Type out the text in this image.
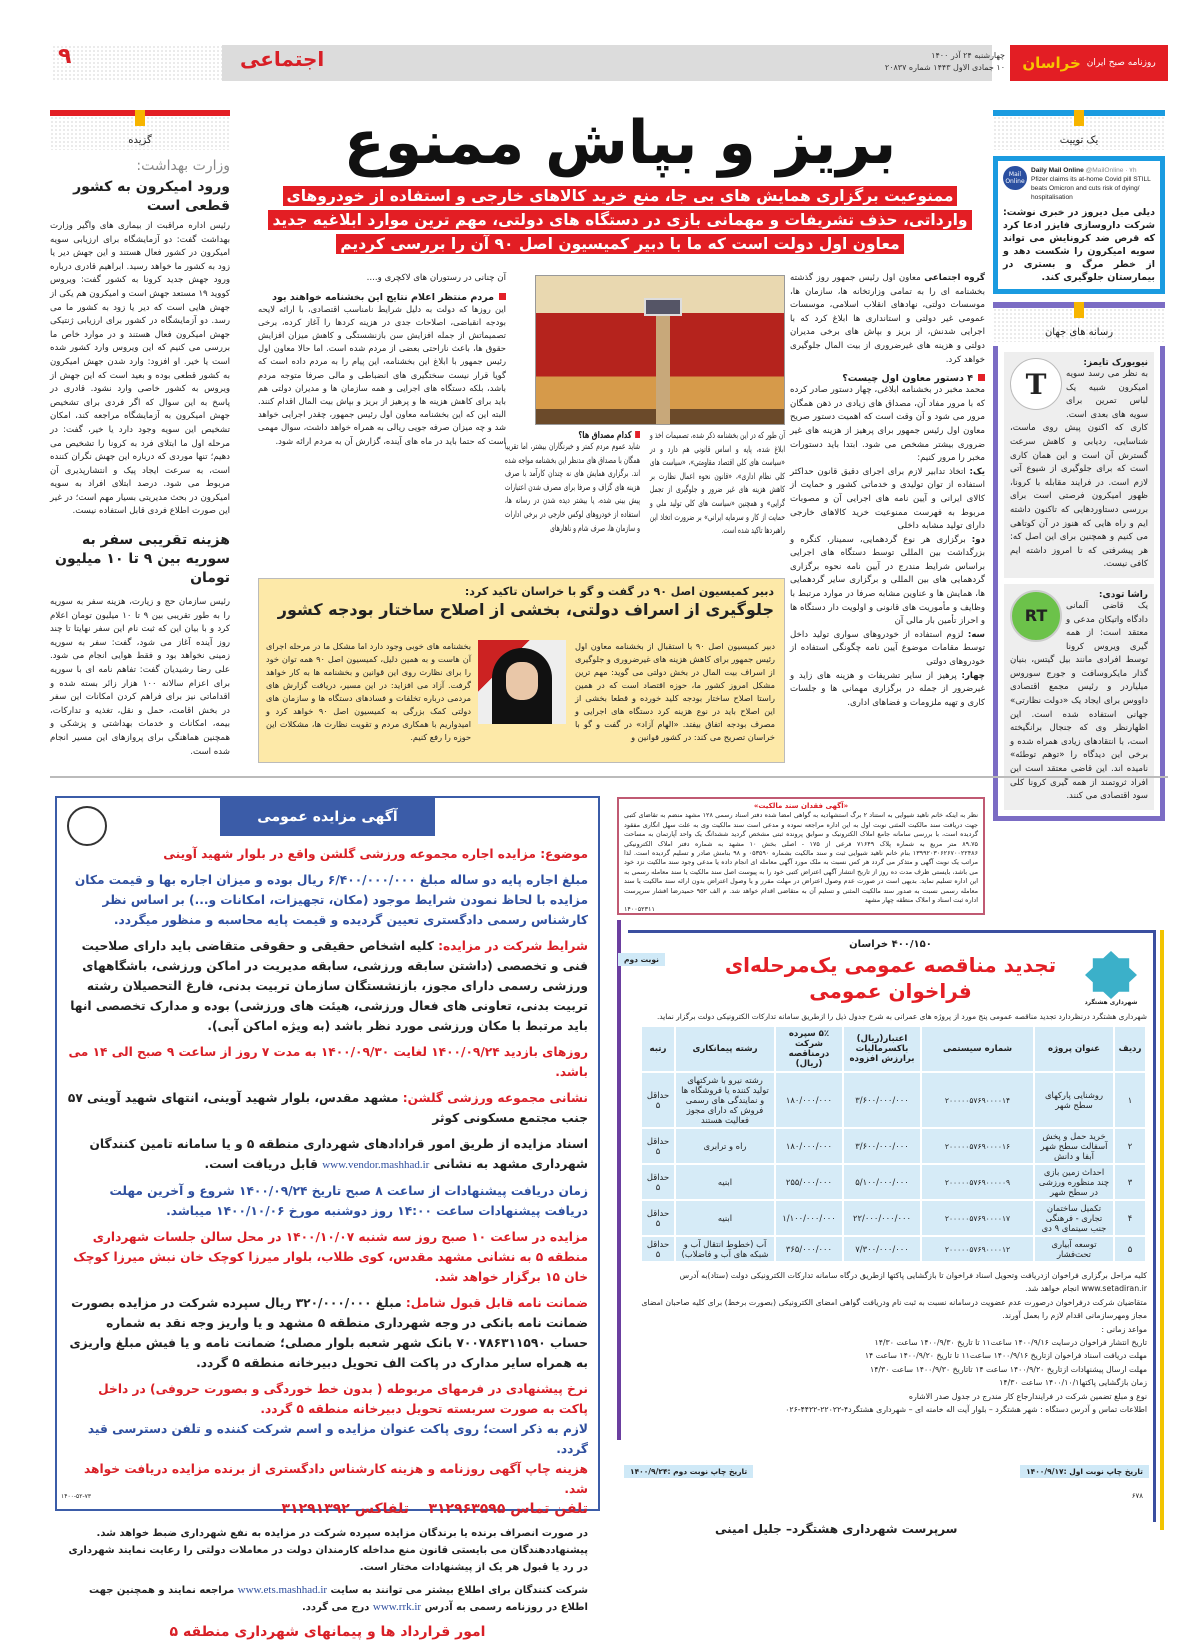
روزنامه صبح ایران
خراسان
چهارشنبه ۲۴ آذر ۱۴۰۰
۱۰ جمادی الاول ۱۴۴۳ شماره ۲۰۸۳۷
اجتماعی
۹
گزیده
وزارت بهداشت:
ورود امیکرون به کشور قطعی است
رئیس اداره مراقبت از بیماری های واگیر وزارت بهداشت گفت: دو آزمایشگاه برای ارزیابی سویه امیکرون در کشور فعال هستند و این جهش دیر یا زود به کشور ما خواهد رسید. ابراهیم قادری درباره ورود جهش جدید کرونا به کشور گفت: ویروس کووید ۱۹ مستعد جهش است و امیکرون هم یکی از جهش هایی است که دیر یا زود به کشور ما می رسد. دو آزمایشگاه در کشور برای ارزیابی ژنتیکی جهش امیکرون فعال هستند و در موارد خاص ما بررسی می کنیم که این ویروس وارد کشور شده است یا خیر. او افزود: وارد شدن جهش امیکرون به کشور قطعی بوده و بعید است که این جهش از ویروس به کشور خاصی وارد نشود. قادری در پاسخ به این سوال که اگر فردی برای تشخیص جهش امیکرون به آزمایشگاه مراجعه کند، امکان تشخیص این سویه وجود دارد یا خیر، گفت: در مرحله اول ما ابتلای فرد به کرونا را تشخیص می دهیم؛ تنها موردی که درباره این جهش نگران کننده است، به سرعت ایجاد پیک و انتشارپذیری آن مربوط می شود. درصد ابتلای افراد به سویه امیکرون در بحث مدیریتی بسیار مهم است؛ در غیر این صورت اطلاع فردی قابل استفاده نیست.
هزینه تقریبی سفر به سوریه بین ۹ تا ۱۰ میلیون تومان
رئیس سازمان حج و زیارت، هزینه سفر به سوریه را به طور تقریبی بین ۹ تا ۱۰ میلیون تومان اعلام کرد و با بیان این که ثبت نام این سفر نهایتا تا چند روز آینده آغاز می شود، گفت: سفر به سوریه زمینی نخواهد بود و فقط هوایی انجام می شود. علی رضا رشیدیان گفت: تفاهم نامه ای با سوریه برای اعزام سالانه ۱۰۰ هزار زائر بسته شده و اقداماتی نیز برای فراهم کردن امکانات این سفر در بخش اقامت، حمل و نقل، تغذیه و تدارکات، بیمه، امکانات و خدمات بهداشتی و پزشکی و همچنین هماهنگی برای پروازهای این مسیر انجام شده است.
یک توییت
Mail Online
Daily Mail Online @MailOnline · ۷h
Pfizer claims its at-home Covid pill STILL beats Omicron and cuts risk of dying/ hospitalisation
دیلی میل دیروز در خبری نوشت: شرکت داروسازی فایزر ادعا کرد که قرص ضد کرونایش می تواند سویه امیکرون را شکست دهد و از خطر مرگ و بستری در بیمارستان جلوگیری کند.
رسانه های جهان
T
نیویورک تایمز:
به نظر می رسد سویه امیکرون شبیه یک لباس تمرین برای سویه های بعدی است. کاری که اکنون پیش روی ماست، شناسایی، ردیابی و کاهش سرعت گسترش آن است و این همان کاری است که برای جلوگیری از شیوع آتی لازم است. در فرایند مقابله با کرونا، ظهور امیکرون فرصتی است برای بررسی دستاوردهایی که تاکنون داشته ایم و راه هایی که هنوز در آن کوتاهی می کنیم و همچنین برای این اصل که: هر پیشرفتی که تا امروز داشته ایم کافی نیست.
RT
راشا تودی:
یک قاضی آلمانی دادگاه واتیکان مدعی و معتقد است: از همه گیری ویروس کرونا توسط افرادی مانند بیل گیتس، بنیان گذار مایکروسافت و جورج سوروس میلیاردر و رئیس مجمع اقتصادی داووس برای ایجاد یک «دولت نظارتی» جهانی استفاده شده است. این اظهارنظر وی که جنجال برانگیخته است، با انتقادهای زیادی همراه شده و برخی این دیدگاه را «توهم توطئه» نامیده اند. این قاضی معتقد است این افراد ثروتمند از همه گیری کرونا کلی سود اقتصادی می کنند.
بریز و بپاش ممنوع
ممنوعیت برگزاری همایش های بی جا، منع خرید کالاهای خارجی و استفاده از خودروهای وارداتی، حذف تشریفات و مهمانی بازی در دستگاه های دولتی، مهم ترین موارد ابلاغیه جدید معاون اول دولت است که ما با دبیر کمیسیون اصل ۹۰ آن را بررسی کردیم
گروه اجتماعی معاون اول رئیس جمهور روز گذشته بخشنامه ای را به تمامی وزارتخانه ها، سازمان ها، موسسات دولتی، نهادهای انقلاب اسلامی، موسسات عمومی غیر دولتی و استانداری ها ابلاغ کرد که با اجرایی شدنش، از بریز و بپاش های برخی مدیران دولتی و هزینه های غیرضروری از بیت المال جلوگیری خواهد کرد.
۴ دستور معاون اول چیست؟
محمد مخبر در بخشنامه ابلاغی، چهار دستور صادر کرده که با مرور مفاد آن، مصداق های زیادی در ذهن همگان مرور می شود و آن وقت است که اهمیت دستور صریح معاون اول رئیس جمهور برای پرهیز از هزینه های غیر ضروری بیشتر مشخص می شود. ابتدا باید دستورات مخبر را مرور کنیم:
یک: اتخاذ تدابیر لازم برای اجرای دقیق قانون حداکثر استفاده از توان تولیدی و خدماتی کشور و حمایت از کالای ایرانی و آیین نامه های اجرایی آن و مصوبات مربوط به فهرست ممنوعیت خرید کالاهای خارجی دارای تولید مشابه داخلی
دو: برگزاری هر نوع گردهمایی، سمینار، کنگره و بزرگداشت بین المللی توسط دستگاه های اجرایی براساس شرایط مندرج در آیین نامه نحوه برگزاری گردهمایی های بین المللی و برگزاری سایر گردهمایی ها، همایش ها و عناوین مشابه صرفا در موارد مرتبط با وظایف و مأموریت های قانونی و اولویت دار دستگاه ها و احراز تأمین بار مالی آن
سه: لزوم استفاده از خودروهای سواری تولید داخل توسط مقامات موضوع آیین نامه چگونگی استفاده از خودروهای دولتی
چهار: پرهیز از سایر تشریفات و هزینه های زاید و غیرضرور از جمله در برگزاری مهمانی ها و جلسات کاری و تهیه ملزومات و فضاهای اداری.
آن طور که در این بخشنامه ذکر شده، تصمیمات اخذ و ابلاغ شده، پایه و اساس قانونی هم دارد و در «سیاست های کلی اقتصاد مقاومتی»، «سیاست های کلی نظام اداری»، «قانون نحوه اعمال نظارت بر کاهش هزینه های غیر ضرور و جلوگیری از تجمل گرایی» و همچنین «سیاست های کلی تولید ملی و حمایت از کار و سرمایه ایرانی» بر ضرورت اتخاذ این راهبردها تاکید شده است.
کدام مصداق ها؟
شاید عموم مردم کمتر و خبرنگاران بیشتر، اما تقریبا همگان با مصداق های مدنظر این بخشنامه مواجه شده اند. برگزاری همایش های نه چندان کارآمد با صرف هزینه های گزاف و صرفا برای مصرف شدن اعتبارات پیش بینی شده، یا بیشتر دیده شدن در رسانه ها، استفاده از خودروهای لوکس خارجی در برخی ادارات و سازمان ها، صرف شام و ناهارهای
آن چنانی در رستوران های لاکچری و....
مردم منتظر اعلام نتایج این بخشنامه خواهند بود
این روزها که دولت به دلیل شرایط نامناسب اقتصادی، با ارائه لایحه بودجه انقباضی، اصلاحات جدی در هزینه کردها را آغاز کرده، برخی تصمیماتش از جمله افزایش سن بازنشستگی و کاهش میزان افزایش حقوق ها، باعث ناراحتی بعضی از مردم شده است. اما حالا معاون اول رئیس جمهور با ابلاغ این بخشنامه، این پیام را به مردم داده است که گویا قرار نیست سختگیری های انضباطی و مالی صرفا متوجه مردم باشد، بلکه دستگاه های اجرایی و همه سازمان ها و مدیران دولتی هم باید برای کاهش هزینه ها و پرهیز از بریز و بپاش بیت المال اقدام کنند. البته این که این بخشنامه معاون اول رئیس جمهور، چقدر اجرایی خواهد شد و چه میزان صرفه جویی ریالی به همراه خواهد داشت، سوال مهمی است که حتما باید در ماه های آینده، گزارش آن به مردم ارائه شود.
دبیر کمیسیون اصل ۹۰ در گفت و گو با خراسان تاکید کرد:
جلوگیری از اسراف دولتی، بخشی از اصلاح ساختار بودجه کشور
دبیر کمیسیون اصل ۹۰ با استقبال از بخشنامه معاون اول رئیس جمهور برای کاهش هزینه های غیرضروری و جلوگیری از اسراف بیت المال در بخش دولتی می گوید: مهم ترین مشکل امروز کشور ما، حوزه اقتصاد است که در همین راستا اصلاح ساختار بودجه کلید خورده و قطعا بخشی از این اصلاح باید در نوع هزینه کرد دستگاه های اجرایی و مصرف بودجه اتفاق بیفتد. «الهام آزاد» در گفت و گو با خراسان تصریح می کند: در کشور قوانین و
بخشنامه های خوبی وجود دارد اما مشکل ما در مرحله اجرای آن هاست و به همین دلیل، کمیسیون اصل ۹۰ همه توان خود را برای نظارت روی این قوانین و بخشنامه ها به کار خواهد گرفت. آزاد می افزاید: در این مسیر، دریافت گزارش های مردمی درباره تخلفات و فسادهای دستگاه ها و سازمان های دولتی کمک بزرگی به کمیسیون اصل ۹۰ خواهد کرد و امیدواریم با همکاری مردم و تقویت نظارت ها، مشکلات این حوزه را رفع کنیم.
آگهی مزایده عمومی

موضوع: مزایده اجاره مجموعه ورزشی گلشن واقع در بلوار شهید آوینی

مبلغ اجاره پایه دو ساله مبلغ ۶/۴۰۰/۰۰۰/۰۰۰ ریال بوده و میزان اجاره بها و قیمت مکان مزایده با لحاظ نمودن شرایط موجود (مکان، تجهیزات، امکانات و...) بر اساس نظر کارشناس رسمی دادگستری تعیین گردیده و قیمت پایه محاسبه و منظور میگردد.

شرایط شرکت در مزایده: کلیه اشخاص حقیقی و حقوقی متقاضی باید دارای صلاحیت فنی و تخصصی (داشتن سابقه ورزشی، سابقه مدیریت در اماکن ورزشی، باشگاههای ورزشی رسمی دارای مجوز، بازنشستگان سازمان تربیت بدنی، فارغ التحصیلان رشته تربیت بدنی، تعاونی های فعال ورزشی، هیئت های ورزشی) بوده و مدارک تخصصی انها باید مرتبط با مکان ورزشی مورد نظر باشد (به ویژه اماکن آبی).

روزهای بازدید ۱۴۰۰/۰۹/۲۴ لغایت ۱۴۰۰/۰۹/۳۰ به مدت ۷ روز از ساعت ۹ صبح الی ۱۴ می باشد.

نشانی مجموعه ورزشی گلشن: مشهد مقدس، بلوار شهید آوینی، انتهای شهید آوینی ۵۷ جنب مجتمع مسکونی کوثر

اسناد مزایده از طریق امور قرادادهای شهرداری منطقه ۵ و یا سامانه تامین کنندگان شهرداری مشهد به نشانی www.vendor.mashhad.ir قابل دریافت است.

زمان دریافت پیشنهادات از ساعت ۸ صبح تاریخ ۱۴۰۰/۰۹/۲۴ شروع و آخرین مهلت دریافت پیشنهادات ساعت ۱۴:۰۰ روز دوشنبه مورخ ۱۴۰۰/۱۰/۰۶ میباشد.

مزایده در ساعت ۱۰ صبح روز سه شنبه ۱۴۰۰/۱۰/۰۷ در محل سالن جلسات شهرداری منطقه ۵ به نشانی مشهد مقدس، کوی طلاب، بلوار میرزا کوچک خان نبش میرزا کوچک خان ۱۵ برگزار خواهد شد.

ضمانت نامه قابل قبول شامل: مبلغ ۳۲۰/۰۰۰/۰۰۰ ریال سپرده شرکت در مزایده بصورت ضمانت نامه بانکی در وجه شهرداری منطقه ۵ مشهد و یا واریز وجه نقد به شماره حساب ۷۰۰۷۸۶۳۱۱۵۹۰ بانک شهر شعبه بلوار مصلی؛ ضمانت نامه و یا فیش مبلغ واریزی به همراه سایر مدارک در پاکت الف تحویل دبیرخانه منطقه ۵ گردد.

نرخ پیشنهادی در فرمهای مربوطه ( بدون خط خوردگی و بصورت حروفی) در داخل پاکت به صورت سربسته تحویل دبیرخانه منطقه ۵ گردد.

لازم به ذکر است؛ روی پاکت عنوان مزایده و اسم شرکت کننده و تلفن دسترسی قید گردد.

هزینه چاپ آگهی روزنامه و هزینه کارشناس دادگستری از برنده مزایده دریافت خواهد شد.

تلفن تماس ۳۱۲۹۶۳۵۹۵    تلفاکس ۳۱۲۹۱۳۹۲

در صورت انصراف برنده یا برندگان مزایده سپرده شرکت در مزایده به نفع شهرداری ضبط خواهد شد. پیشنهاددهندگان می بایستی قانون منع مداخله کارمندان دولت در معاملات دولتی را رعایت نمایند شهرداری در رد یا قبول هر یک از پیشنهادات مختار است.

شرکت کنندگان برای اطلاع بیشتر می توانند به سایت www.ets.mashhad.ir مراجعه نمایند و همچنین جهت اطلاع در روزنامه رسمی به آدرس www.rrk.ir درج می گردد.

امور قرارداد ها و پیمانهای شهرداری منطقه ۵

۱۴۰۰-۵۲-۷۳
«آگهی فقدان سند مالکیت»
نظر به اینکه خانم ناهید شیوایی به استناد ۲ برگ استشهادیه به گواهی امضا شده دفتر اسناد رسمی ۱۲۸ مشهد منضم به تقاضای کتبی جهت دریافت سند مالکیت المثنی نوبت اول به این اداره مراجعه نموده و مدعی است سند مالکیت وی به علت سهل انگاری مفقود گردیده است، با بررسی سامانه جامع املاک الکترونیک و سوابق پرونده ثبتی مشخص گردید ششدانگ یک واحد آپارتمان به مساحت ۸۹.۷۵ متر مربع به شماره پلاک ۷۱۶۴۹ فرعی از ۱۷۵ - اصلی بخش ۱۰ مشهد به شماره دفتر املاک الکترونیکی ۱۳۹۹۲۰۳۰۶۲۶۷۰۰۲۲۴۸۶ بنام خانم ناهید شیوایی ثبت و سند مالکیت بشماره ۰۵۳۵۹۰ و ۹۸ بنامش صادر و تسلیم گردیده است. لذا مراتب یک نوبت آگهی و متذکر می گردد هر کس نسبت به ملک مورد آگهی معامله ای انجام داده یا مدعی وجود سند مالکیت نزد خود می باشد، بایستی ظرف مدت ده روز از تاریخ انتشار آگهی اعتراض کتبی خود را به پیوست اصل سند مالکیت یا سند معامله رسمی به این اداره تسلیم نماید. بدیهی است در صورت عدم وصول اعتراض در مهلت مقرر و یا وصول اعتراض بدون ارائه سند مالکیت یا سند معامله رسمی نسبت به صدور سند مالکیت المثنی و تسلیم آن به متقاضی اقدام خواهد شد. م الف ۹۵۲ حمیدرضا افشار سرپرست اداره ثبت اسناد و املاک منطقه چهار مشهد
۱۴۰۰۵۲۳۱۱
شهرداری هشتگرد
۴۰۰/۱۵۰ خراسان
نوبت دوم	تجدید مناقصه عمومی یک‌مرحله‌ای
فراخوان عمومی
شهرداری هشتگرد درنظردارد تجدید مناقصه عمومی پنج مورد از پروژه های عمرانی به شرح جدول ذیل را ازطریق سامانه تدارکات الکترونیکی دولت برگزار نماید.
ردیف	عنوان پروژه	شماره سیستمی	اعتبار(ریال) باکسرمالیات برارزش افزوده	۵٪ سپرده شرکت درمناقصه (ریال)	رشته پیمانکاری	رتبه
۱	روشنایی پارکهای سطح شهر	۲۰۰۰۰۰۵۷۶۹۰۰۰۰۱۴	۳/۶۰۰/۰۰۰/۰۰۰	۱۸۰/۰۰۰/۰۰۰	رشته نیرو با شرکتهای تولید کننده یا فروشگاه ها و نمایندگی های رسمی فروش که دارای مجوز فعالیت هستند	حداقل ۵
۲	خرید حمل و پخش آسفالت سطح شهر آبفا و دانش	۲۰۰۰۰۰۵۷۶۹۰۰۰۰۱۶	۳/۶۰۰/۰۰۰/۰۰۰	۱۸۰/۰۰۰/۰۰۰	راه و ترابری	حداقل ۵
۳	احداث زمین بازی چند منظوره ورزشی در سطح شهر	۲۰۰۰۰۰۵۷۶۹۰۰۰۰۰۹	۵/۱۰۰/۰۰۰/۰۰۰	۲۵۵/۰۰۰/۰۰۰	ابنیه	حداقل ۵
۴	تکمیل ساختمان تجاری - فرهنگی جنب سینمای ۹ دی	۲۰۰۰۰۰۵۷۶۹۰۰۰۰۱۷	۲۲/۰۰۰/۰۰۰/۰۰۰	۱/۱۰۰/۰۰۰/۰۰۰	ابنیه	حداقل ۵
۵	توسعه آبیاری تحت‌فشار	۲۰۰۰۰۰۵۷۶۹۰۰۰۰۱۲	۷/۳۰۰/۰۰۰/۰۰۰	۳۶۵/۰۰۰/۰۰۰	آب (خطوط انتقال آب و شبکه های آب و فاضلاب)	حداقل ۵
کلیه مراحل برگزاری فراخوان ازدریافت وتحویل اسناد فراخوان تا بازگشایی پاکتها ازطریق درگاه سامانه تدارکات الکترونیکی دولت (ستاد)به آدرس www.setadiran.ir انجام خواهد شد.
متقاضیان شرکت درفراخوان درصورت عدم عضویت درسامانه نسبت به ثبت نام ودریافت گواهی امضای الکترونیکی (بصورت برخط) برای کلیه صاحبان امضای مجاز ومهرسازمانی اقدام لازم را بعمل آورند.
مواعد زمانی :
تاریخ انتشار فراخوان درسایت ۱۴۰۰/۹/۱۶ ساعت۱۱ تا تاریخ ۱۴۰۰/۹/۳۰ ساعت ۱۴/۳۰
مهلت دریافت اسناد فراخوان ازتاریخ ۱۴۰۰/۹/۱۶ ساعت۱۱ تا تاریخ ۱۴۰۰/۹/۲۰ ساعت ۱۴
مهلت ارسال پیشنهادات ازتاریخ ۱۴۰۰/۹/۲۰ ساعت ۱۴ تاتاریخ ۱۴۰۰/۹/۳۰ ساعت ۱۴/۳۰
زمان بازگشایی پاکتها۱۴۰۰/۱۰/۱ ساعت ۱۴/۳۰
نوع و مبلغ تضمین شرکت در فرایندارجاع کار مندرج در جدول صدر الاشاره
اطلاعات تماس و آدرس دستگاه : شهر هشتگرد – بلوار آیت اله خامنه ای – شهرداری هشتگرد۴-۲۲۰۲۲-۴۴۲۲-۰۲۶
تاریخ چاپ نوبت اول :۱۴۰۰/۹/۱۷
تاریخ چاپ نوبت دوم :۱۴۰۰/۹/۲۴
۶۷۸
سرپرست شهرداری هشتگرد– جلیل امینی
